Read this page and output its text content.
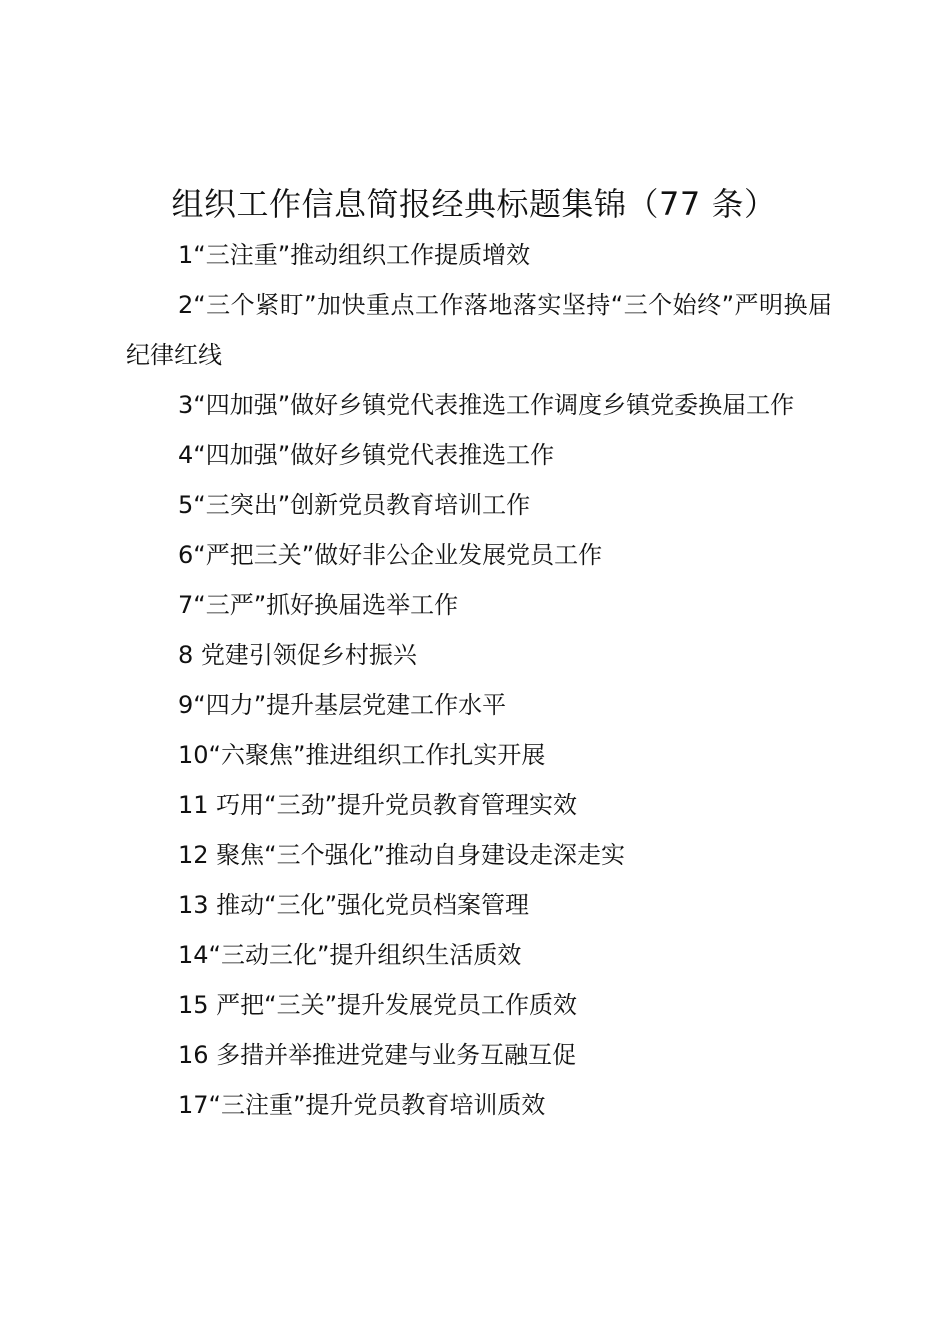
组织工作信息简报经典标题集锦（77 条）
1“三注重”推动组织工作提质增效
2“三个紧盯”加快重点工作落地落实坚持“三个始终”严明换届纪律红线
3“四加强”做好乡镇党代表推选工作调度乡镇党委换届工作
4“四加强”做好乡镇党代表推选工作
5“三突出”创新党员教育培训工作
6“严把三关”做好非公企业发展党员工作
7“三严”抓好换届选举工作
8 党建引领促乡村振兴
9“四力”提升基层党建工作水平
10“六聚焦”推进组织工作扎实开展
11 巧用“三劲”提升党员教育管理实效
12 聚焦“三个强化”推动自身建设走深走实
13 推动“三化”强化党员档案管理
14“三动三化”提升组织生活质效
15 严把“三关”提升发展党员工作质效
16 多措并举推进党建与业务互融互促
17“三注重”提升党员教育培训质效
